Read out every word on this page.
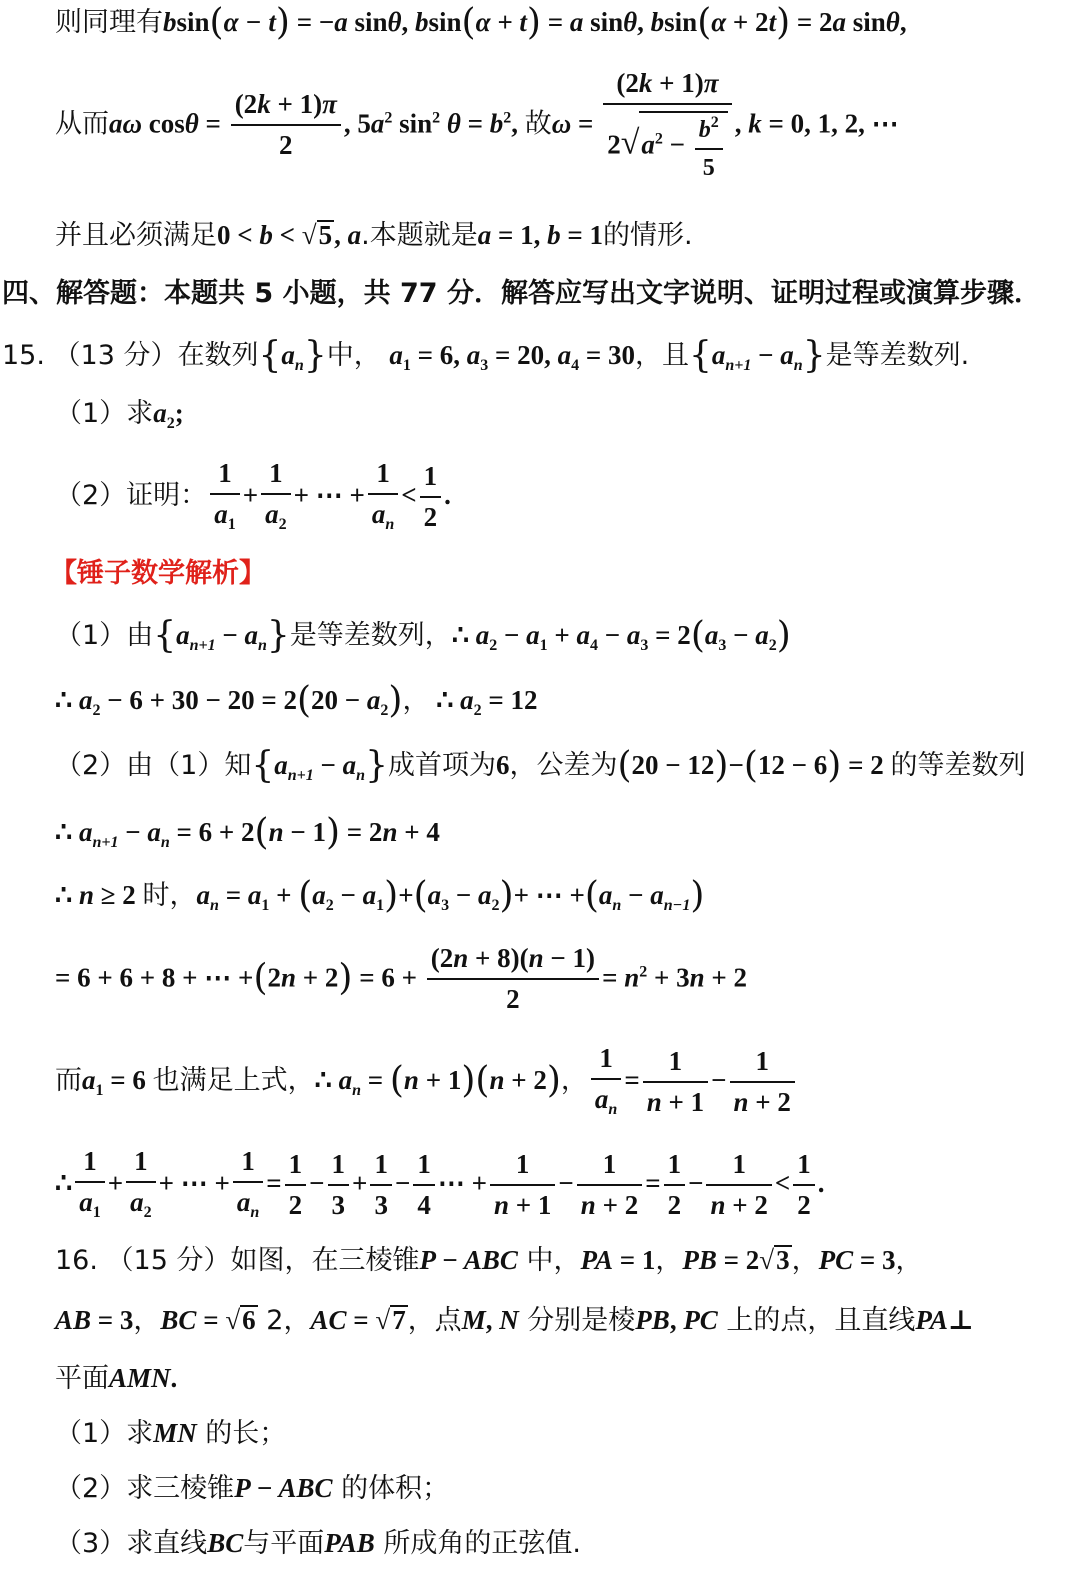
则同理有bsin(α − t) = −a sinθ, bsin(α + t) = a sinθ, bsin(α + 2t) = 2a sinθ,
从而aω $\cos\theta = \frac{(2k + 1)\pi}{2}$ , $5a^2$ $\sin^2 \theta = b^2$, 故$\omega = \frac{(2k + 1)\pi}{2√a^2 - \frac{b^2}{5}}$ , k = 0, 1, 2, ⋯
并且必须满足0 < b < √5, a.本题就是a = 1, b = 1的情形.
四、解答题：本题共 5 小题，共 77 分．解答应写出文字说明、证明过程或演算步骤．
15. （13 分）在数列$\{a_n\}$中， $a_1 = 6$, $a_3 = 20$, $a_4 = 30$，且$\{a_{n+1} - a_n\}$是等差数列.
（1）求$a_2$;
（2）证明： $\frac{1}{a_1} + \frac{1}{a_2}$ + ⋯ + $\frac{1}{a_n} < \frac{1}{2}$ .
【锤子数学解析】
（1）由$\{a_{n+1} - a_n\}$是等差数列，∴ $a_2 - a_1 + a_4 - a_3 = 2(a_3 - a_2)$
∴ $a_2 - 6 + 30 - 20 = 2(20 - a_2)$， ∴ $a_2 = 12$
（2）由（1）知$\{a_{n+1} - a_n\}$成首项为6，公差为(20 − 12)−(12 − 6) = 2 的等差数列
∴ $a_{n+1} - a_n = 6 + 2(n - 1) = 2n + 4$
∴ n ≥ 2 时，$a_n = a_1 + (a_2 - a_1)+(a_3 - a_2)+$ ⋯ $+(a_n - a_{n-1})$
= 6 + 6 + 8 + ⋯ $+(2n + 2) = 6 + \frac{(2n + 8)(n - 1)}{2} = n^2 + 3n + 2$
而$a_1 = 6$ 也满足上式，∴ $a_n = (n + 1)(n + 2)$， $\frac{1}{a_n} = \frac{1}{n + 1} - \frac{1}{n + 2}$
∴ $\frac{1}{a_1} + \frac{1}{a_2}$ + ⋯ + $\frac{1}{a_n} = \frac{1}{2} - \frac{1}{3} + \frac{1}{3} - \frac{1}{4}$ ⋯ + $\frac{1}{n + 1} - \frac{1}{n + 2} = \frac{1}{2} - \frac{1}{n + 2} < \frac{1}{2}$ .
16. （15 分）如图，在三棱锥P − ABC 中，PA = 1，PB = 2√3，PC = 3，
AB = 3，BC = √6 2，AC = √7，点M, N 分别是棱PB, PC 上的点，且直线PA⊥
平面AMN.
（1）求MN 的长；
（2）求三棱锥P − ABC 的体积；
（3）求直线BC与平面PAB 所成角的正弦值.
